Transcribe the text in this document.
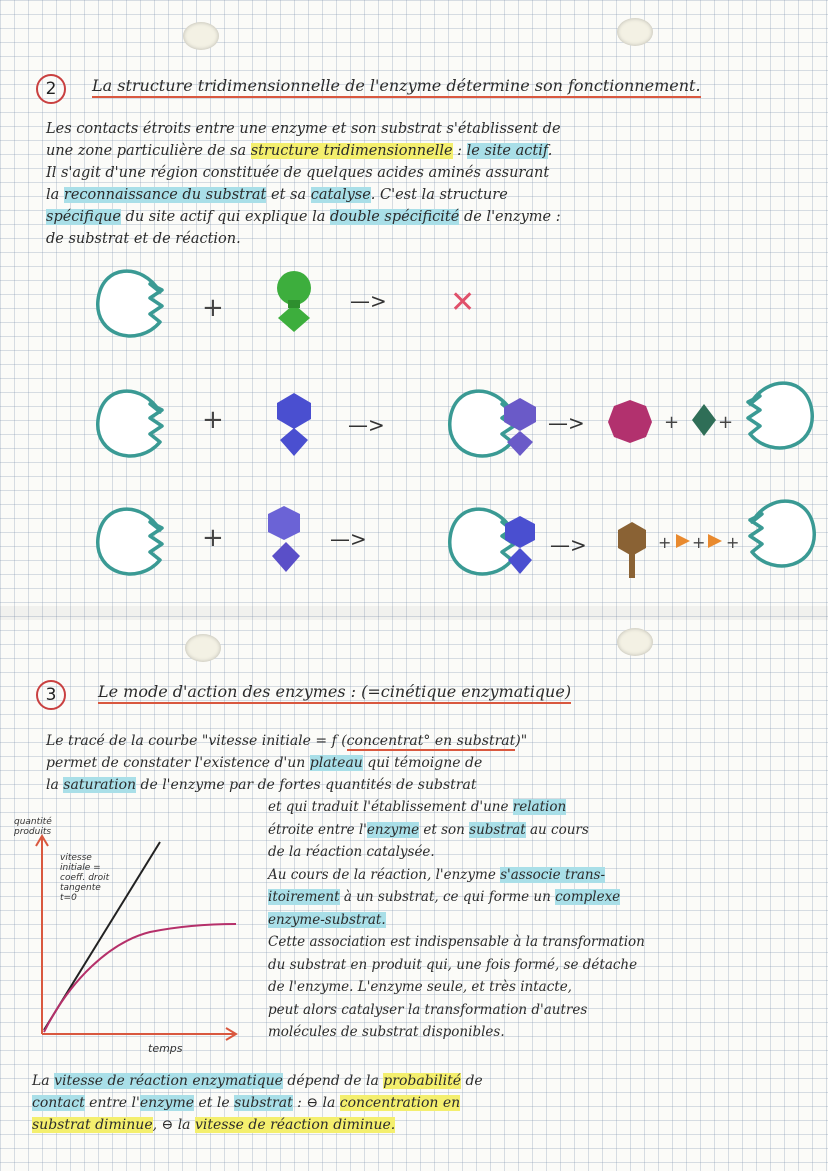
2	La structure tridimensionnelle de l'enzyme détermine son fonctionnement.

Les contacts étroits entre une enzyme et son substrat s'établissent de

une zone particulière de sa structure tridimensionnelle : le site actif.

Il s'agit d'une région constituée de quelques acides aminés assurant

la reconnaissance du substrat et sa catalyse. C'est la structure

spécifique du site actif qui explique la double spécificité de l'enzyme :

de substrat et de réaction.

+	—> ✕
+	—>	—>	+ +
+	—>	—>	+ + +
quantité
produits
vitesse
initiale =
coeff. droit
tangente
t=0
temps
3	Le mode d'action des enzymes : (=cinétique enzymatique)

Le tracé de la courbe "vitesse initiale = f (concentrat° en substrat)"

permet de constater l'existence d'un plateau qui témoigne de

la saturation de l'enzyme par de fortes quantités de substrat

et qui traduit l'établissement d'une relation

étroite entre l'enzyme et son substrat au cours

de la réaction catalysée.

Au cours de la réaction, l'enzyme s'associe trans-

itoirement à un substrat, ce qui forme un complexe

enzyme-substrat.

Cette association est indispensable à la transformation

du substrat en produit qui, une fois formé, se détache

de l'enzyme. L'enzyme seule, et très intacte,

peut alors catalyser la transformation d'autres

molécules de substrat disponibles.

La vitesse de réaction enzymatique dépend de la probabilité de

contact entre l'enzyme et le substrat : ⊖ la concentration en

substrat diminue, ⊖ la vitesse de réaction diminue.
